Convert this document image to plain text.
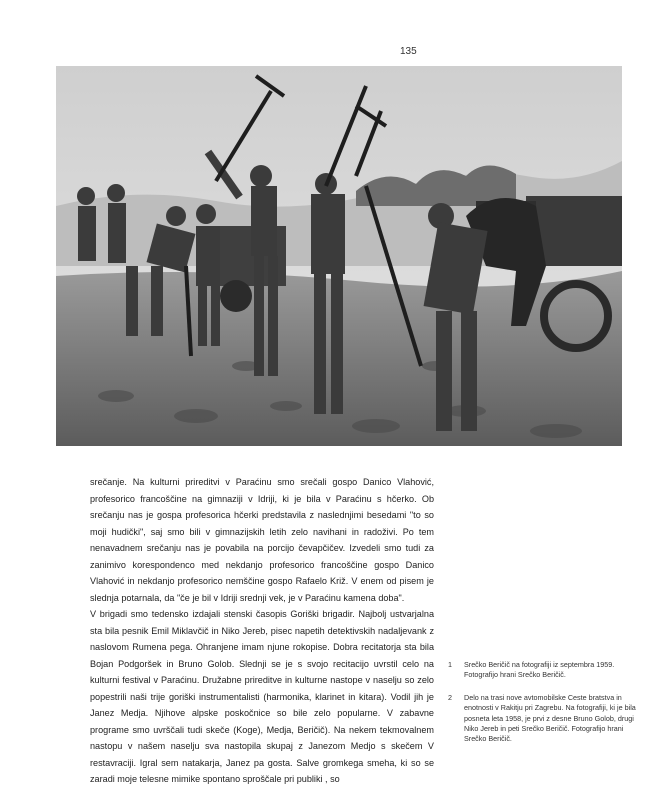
135

srečanje. Na kulturni prireditvi v Paraćinu smo srečali gospo Danico Vlahović, profesorico francoščine na gimnaziji v Idriji, ki je bila v Paraćinu s hčerko. Ob srečanju nas je gospa profesorica hčerki predstavila z naslednjimi besedami "to so moji hudički", saj smo bili v gimnazijskih letih zelo navihani in radoživi. Po tem nenavadnem srečanju nas je povabila na porcijo čevapčičev. Izvedeli smo tudi za zanimivo korespondenco med nekdanjo profesorico francoščine gospo Danico Vlahović in nekdanjo profesorico nemščine gospo Rafaelo Križ. V enem od pisem je slednja potarnala, da "če je bil v Idriji srednji vek, je v Paraćinu kamena doba".

V brigadi smo tedensko izdajali stenski časopis Goriški brigadir. Najbolj ustvarjalna sta bila pesnik Emil Miklavčič in Niko Jereb, pisec napetih detektivskih nadaljevank z naslovom Rumena pega. Ohranjene imam njune rokopise. Dobra recitatorja sta bila Bojan Podgoršek in Bruno Golob. Slednji se je s svojo recitacijo uvrstil celo na kulturni festival v Paraćinu. Družabne prireditve in kulturne nastope v naselju so zelo popestrili naši trije goriški instrumentalisti (harmonika, klarinet in kitara). Vodil jih je Janez Medja. Njihove alpske poskočnice so bile zelo popularne. V zabavne programe smo uvrščali tudi skeče (Koge), Medja, Beričič). Na nekem tekmovalnem nastopu v našem naselju sva nastopila skupaj z Janezom Medjo s skečem V restavraciji. Igral sem natakarja, Janez pa gosta. Salve gromkega smeha, ki so se zaradi moje telesne mimike spontano sproščale pri publiki , so

1 Srečko Beričič na fotografiji iz septembra 1959. Fotografijo hrani Srečko Beričič.
2 Delo na trasi nove avtomobilske Ceste bratstva in enotnosti v Rakitju pri Zagrebu. Na fotografiji, ki je bila posneta leta 1958, je prvi z desne Bruno Golob, drugi Niko Jereb in peti Srečko Beričič. Fotografijo hrani Srečko Beričič.
